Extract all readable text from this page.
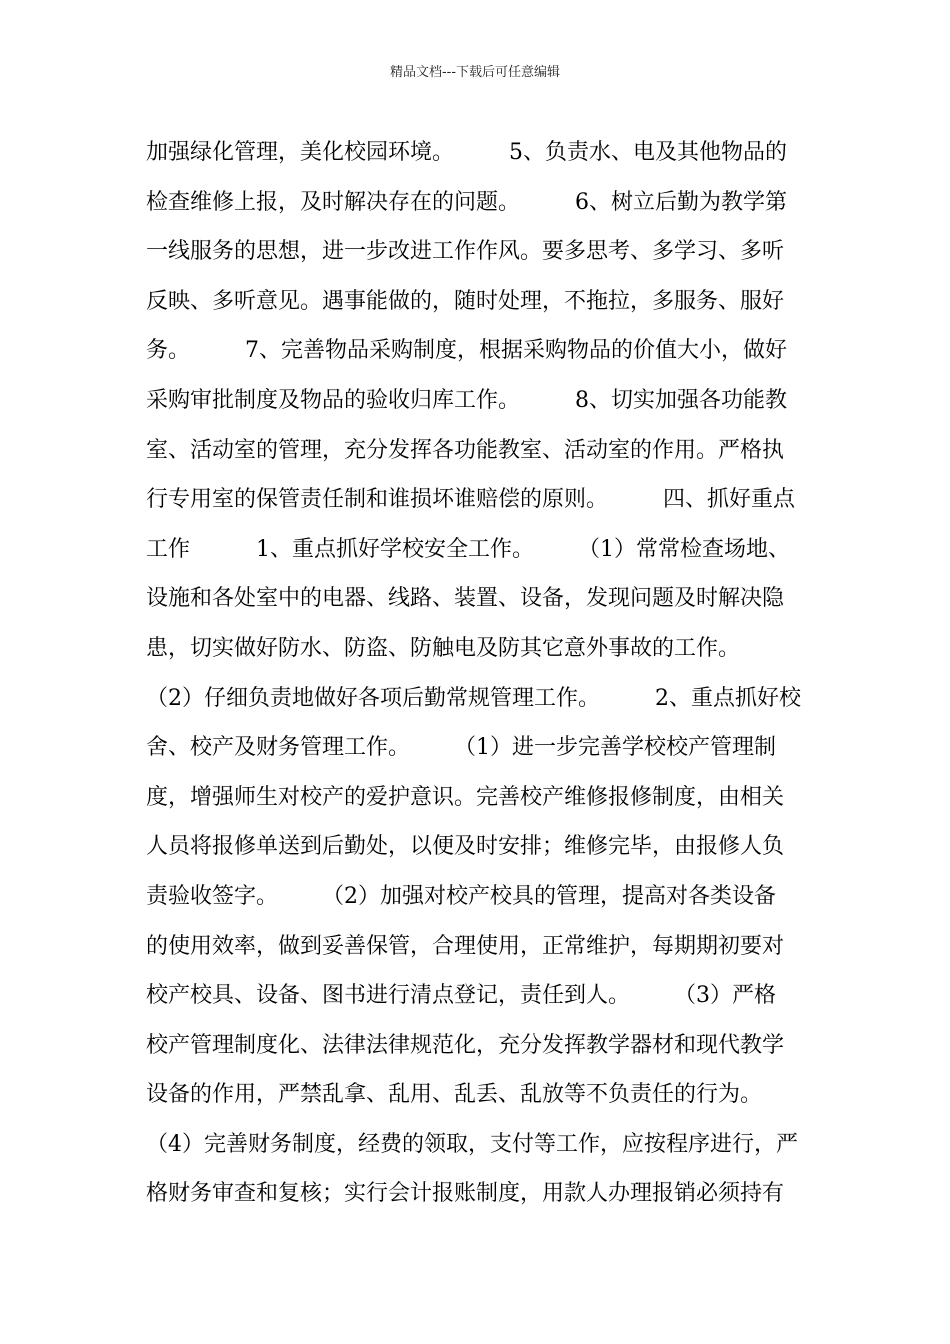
精品文档---下载后可任意编辑
加强绿化管理，美化校园环境。　　　5、负责水、电及其他物品的
检查维修上报，及时解决存在的问题。　　　6、树立后勤为教学第
一线服务的思想，进一步改进工作作风。要多思考、多学习、多听
反映、多听意见。遇事能做的，随时处理，不拖拉，多服务、服好
务。　　　7、完善物品采购制度，根据采购物品的价值大小，做好
采购审批制度及物品的验收归库工作。　　　8、切实加强各功能教
室、活动室的管理，充分发挥各功能教室、活动室的作用。严格执
行专用室的保管责任制和谁损坏谁赔偿的原则。　　　四、抓好重点
工作　　　1、重点抓好学校安全工作。　　　（1）常常检查场地、
设施和各处室中的电器、线路、装置、设备，发现问题及时解决隐
患，切实做好防水、防盗、防触电及防其它意外事故的工作。
（2）仔细负责地做好各项后勤常规管理工作。　　　2、重点抓好校
舍、校产及财务管理工作。　　　（1）进一步完善学校校产管理制
度，增强师生对校产的爱护意识。完善校产维修报修制度，由相关
人员将报修单送到后勤处，以便及时安排；维修完毕，由报修人负
责验收签字。　　　（2）加强对校产校具的管理，提高对各类设备
的使用效率，做到妥善保管，合理使用，正常维护，每期期初要对
校产校具、设备、图书进行清点登记，责任到人。　　　（3）严格
校产管理制度化、法律法律规范化，充分发挥教学器材和现代教学
设备的作用，严禁乱拿、乱用、乱丢、乱放等不负责任的行为。
（4）完善财务制度，经费的领取，支付等工作，应按程序进行，严
格财务审查和复核；实行会计报账制度，用款人办理报销必须持有
